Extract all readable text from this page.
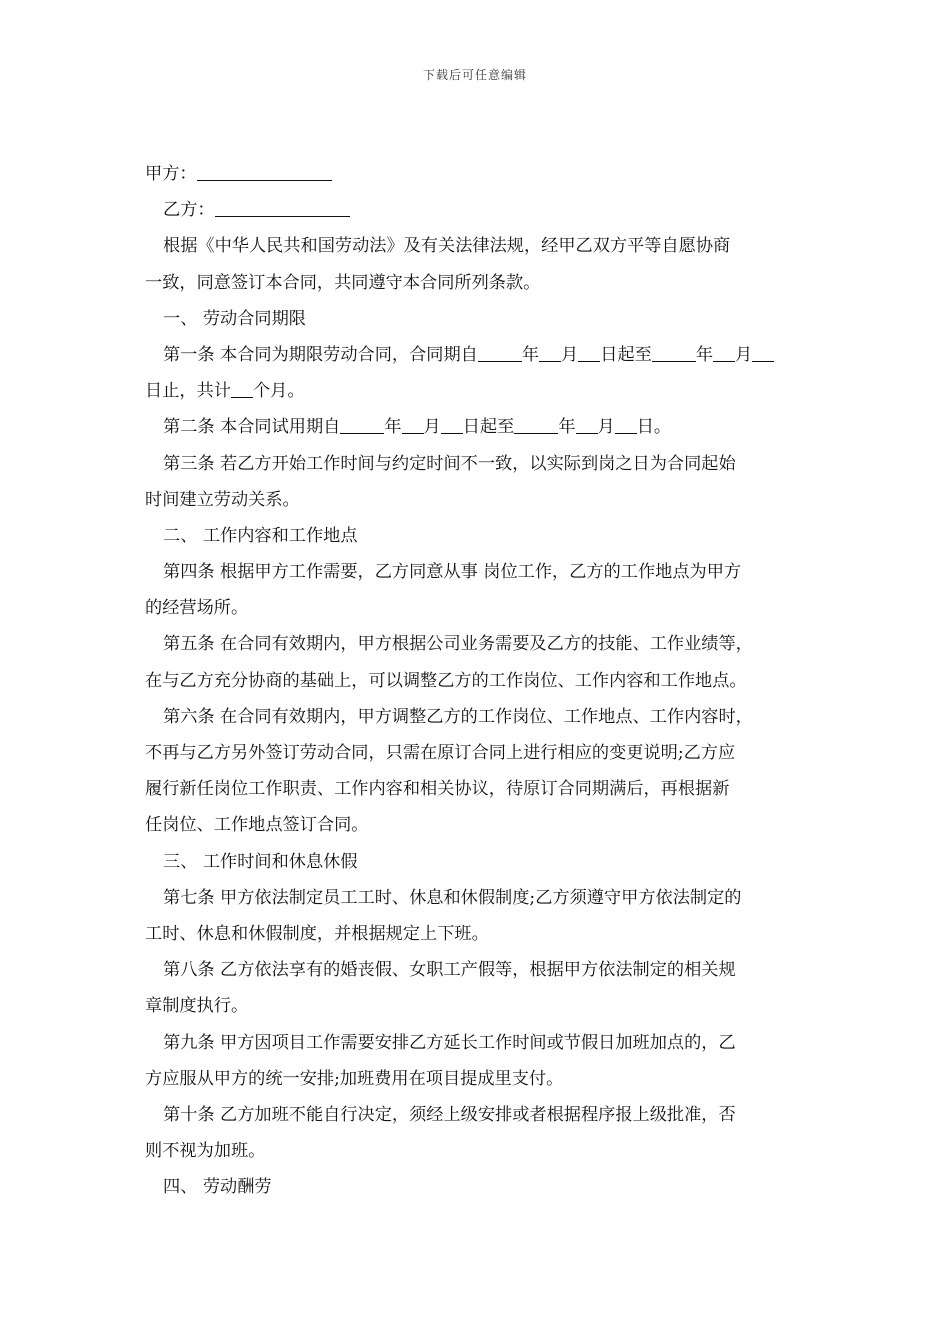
下载后可任意编辑
甲方：
乙方：
根据《中华人民共和国劳动法》及有关法律法规，经甲乙双方平等自愿协商
一致，同意签订本合同，共同遵守本合同所列条款。
一、 劳动合同期限
第一条 本合同为期限劳动合同，合同期自	年 月 日起至	年 月
日止，共计 个月。
第二条 本合同试用期自	年 月 日起至	年 月 日。
第三条 若乙方开始工作时间与约定时间不一致，以实际到岗之日为合同起始
时间建立劳动关系。
二、 工作内容和工作地点
第四条 根据甲方工作需要，乙方同意从事 岗位工作，乙方的工作地点为甲方
的经营场所。
第五条 在合同有效期内，甲方根据公司业务需要及乙方的技能、工作业绩等，
在与乙方充分协商的基础上，可以调整乙方的工作岗位、工作内容和工作地点。
第六条 在合同有效期内，甲方调整乙方的工作岗位、工作地点、工作内容时，
不再与乙方另外签订劳动合同，只需在原订合同上进行相应的变更说明;乙方应
履行新任岗位工作职责、工作内容和相关协议，待原订合同期满后，再根据新
任岗位、工作地点签订合同。
三、 工作时间和休息休假
第七条 甲方依法制定员工工时、休息和休假制度;乙方须遵守甲方依法制定的
工时、休息和休假制度，并根据规定上下班。
第八条 乙方依法享有的婚丧假、女职工产假等，根据甲方依法制定的相关规
章制度执行。
第九条 甲方因项目工作需要安排乙方延长工作时间或节假日加班加点的，乙
方应服从甲方的统一安排;加班费用在项目提成里支付。
第十条 乙方加班不能自行决定，须经上级安排或者根据程序报上级批准，否
则不视为加班。
四、 劳动酬劳
